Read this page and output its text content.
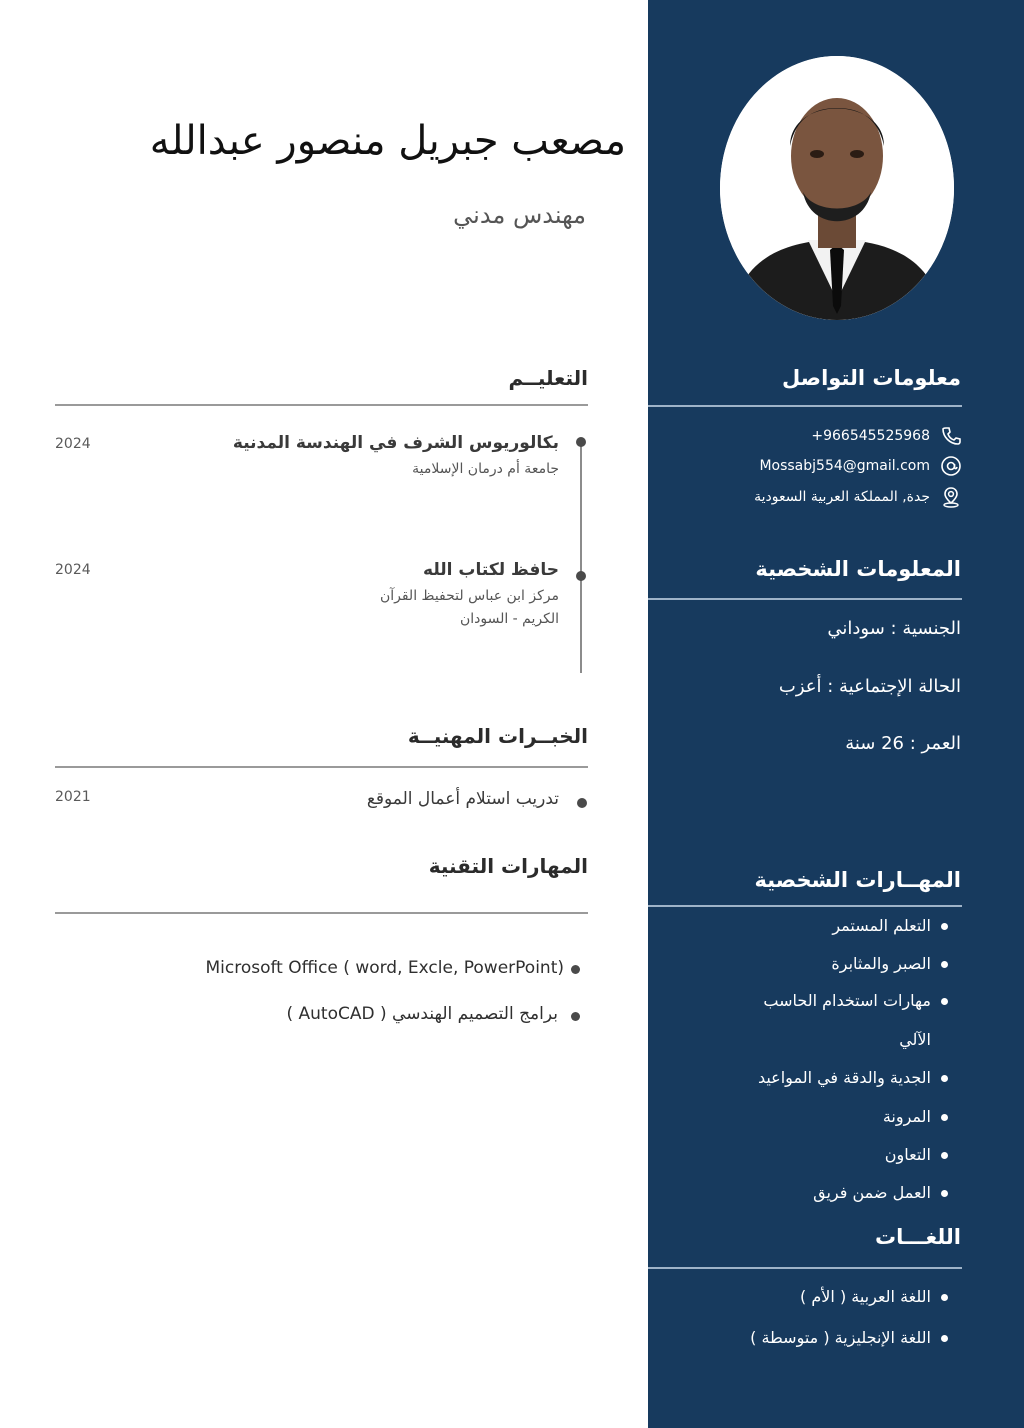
معلومات التواصل
+966545525968
Mossabj554@gmail.com
جدة, المملكة العربية السعودية
المعلومات الشخصية
الجنسية : سوداني
الحالة الإجتماعية : أعزب
العمر : 26 سنة
المهــارات الشخصية
التعلم المستمر
الصبر والمثابرة
مهارات استخدام الحاسب
الآلي
الجدية والدقة في المواعيد
المرونة
التعاون
العمل ضمن فريق
اللغـــات
اللغة العربية ( الأم )
اللغة الإنجليزية ( متوسطة )
مصعب جبريل منصور عبدالله
مهندس مدني
التعليــم
بكالوريوس الشرف في الهندسة المدنية
جامعة أم درمان الإسلامية
2024
حافظ لكتاب الله
مركز ابن عباس لتحفيظ القرآن
الكريم - السودان
2024
الخبــرات المهنيــة
تدريب استلام أعمال الموقع
2021
المهارات التقنية
Microsoft Office ( word, Excle, PowerPoint)
برامج التصميم الهندسي ( AutoCAD )
